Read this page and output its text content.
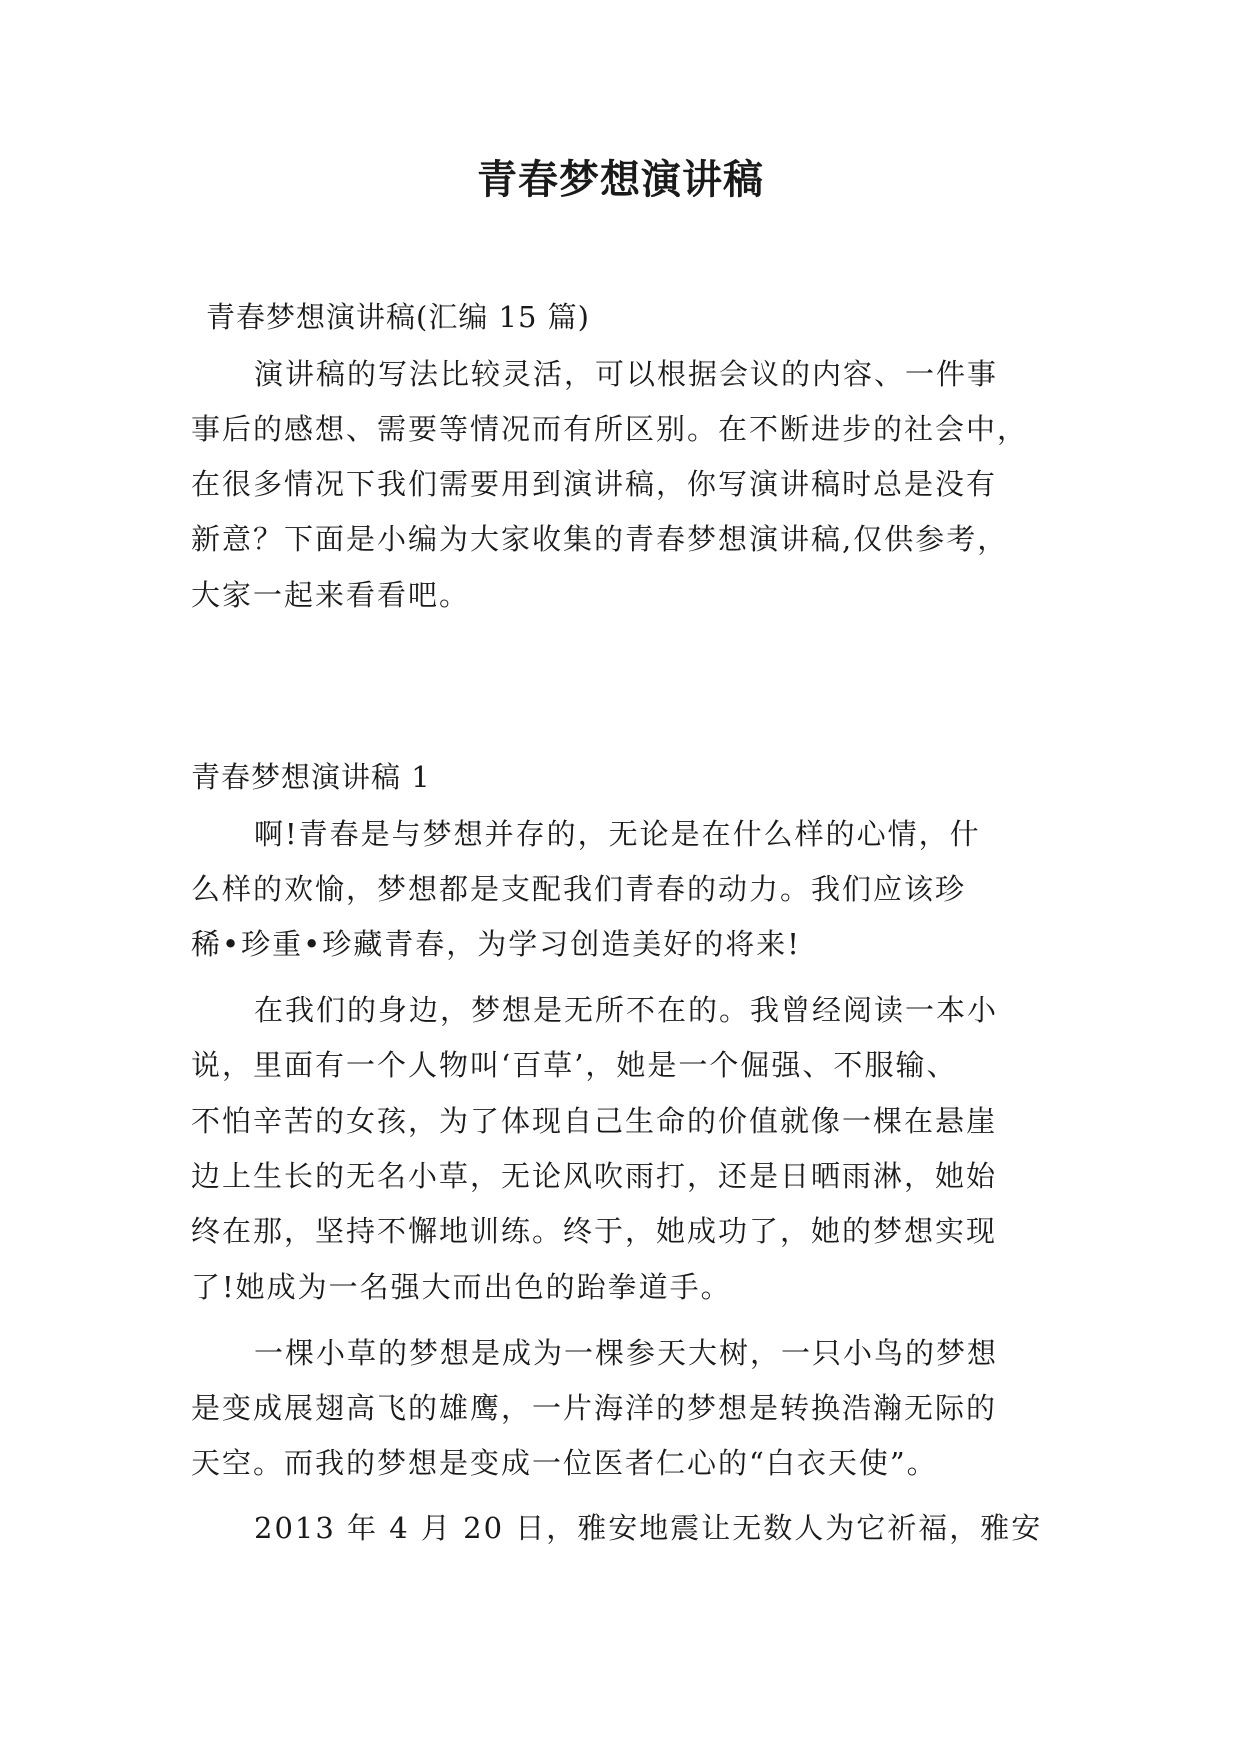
青春梦想演讲稿
青春梦想演讲稿(汇编 15 篇)
演讲稿的写法比较灵活，可以根据会议的内容、一件事
事后的感想、需要等情况而有所区别。在不断进步的社会中，
在很多情况下我们需要用到演讲稿，你写演讲稿时总是没有
新意？下面是小编为大家收集的青春梦想演讲稿,仅供参考，
大家一起来看看吧。
青春梦想演讲稿 1
啊!青春是与梦想并存的，无论是在什么样的心情，什
么样的欢愉，梦想都是支配我们青春的动力。我们应该珍
稀•珍重•珍藏青春，为学习创造美好的将来!
在我们的身边，梦想是无所不在的。我曾经阅读一本小
说，里面有一个人物叫‘百草’，她是一个倔强、不服输、
不怕辛苦的女孩，为了体现自己生命的价值就像一棵在悬崖
边上生长的无名小草，无论风吹雨打，还是日晒雨淋，她始
终在那，坚持不懈地训练。终于，她成功了，她的梦想实现
了!她成为一名强大而出色的跆拳道手。
一棵小草的梦想是成为一棵参天大树，一只小鸟的梦想
是变成展翅高飞的雄鹰，一片海洋的梦想是转换浩瀚无际的
天空。而我的梦想是变成一位医者仁心的“白衣天使”。
2013 年 4 月 20 日，雅安地震让无数人为它祈福，雅安
